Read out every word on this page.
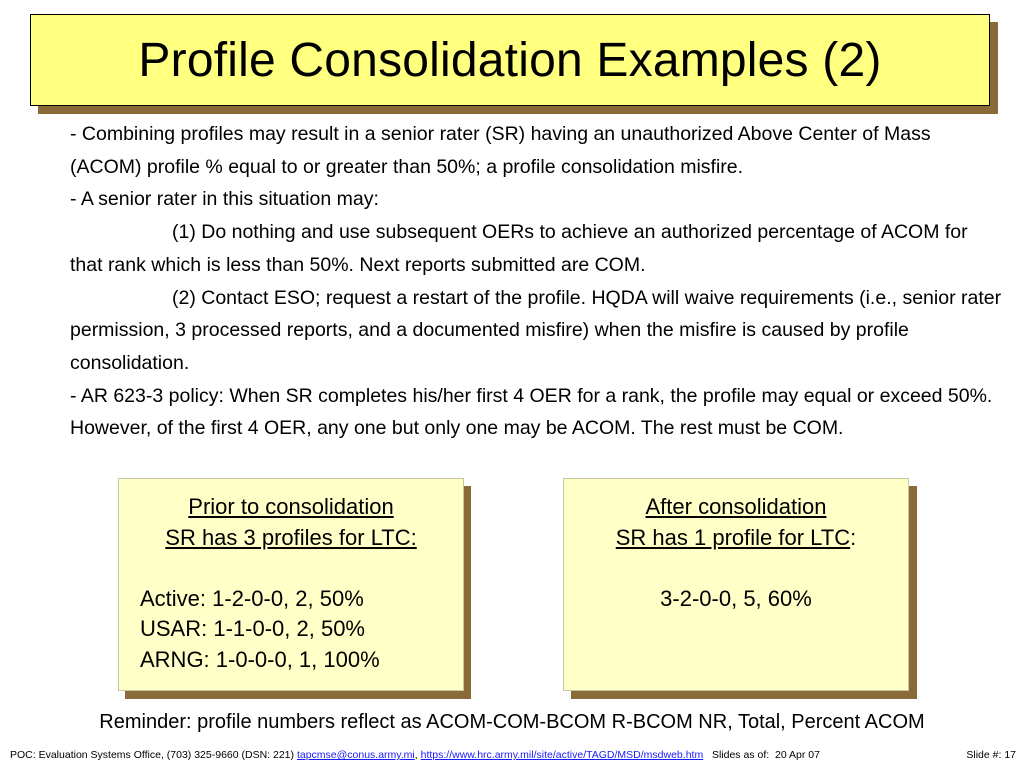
Profile Consolidation Examples (2)

- Combining profiles may result in a senior rater (SR) having an unauthorized Above Center of Mass (ACOM) profile % equal to or greater than 50%; a profile consolidation misfire.

- A senior rater in this situation may:

(1) Do nothing and use subsequent OERs to achieve an authorized percentage of ACOM for that rank which is less than 50%. Next reports submitted are COM.

(2) Contact ESO; request a restart of the profile. HQDA will waive requirements (i.e., senior rater permission, 3 processed reports, and a documented misfire) when the misfire is caused by profile consolidation.

- AR 623-3 policy: When SR completes his/her first 4 OER for a rank, the profile may equal or exceed 50%. However, of the first 4 OER, any one but only one may be ACOM. The rest must be COM.

Prior to consolidation
SR has 3 profiles for LTC:
Active: 1-2-0-0, 2, 50%
USAR: 1-1-0-0, 2, 50%
ARNG: 1-0-0-0, 1, 100%
After consolidation
SR has 1 profile for LTC:
3-2-0-0, 5, 60%
Reminder: profile numbers reflect as ACOM-COM-BCOM R-BCOM NR, Total, Percent ACOM
POC: Evaluation Systems Office, (703) 325-9660 (DSN: 221) tapcmse@conus.army.mi, https://www.hrc.army.mil/site/active/TAGD/MSD/msdweb.htm   Slides as of:  20 Apr 07	Slide #: 17
